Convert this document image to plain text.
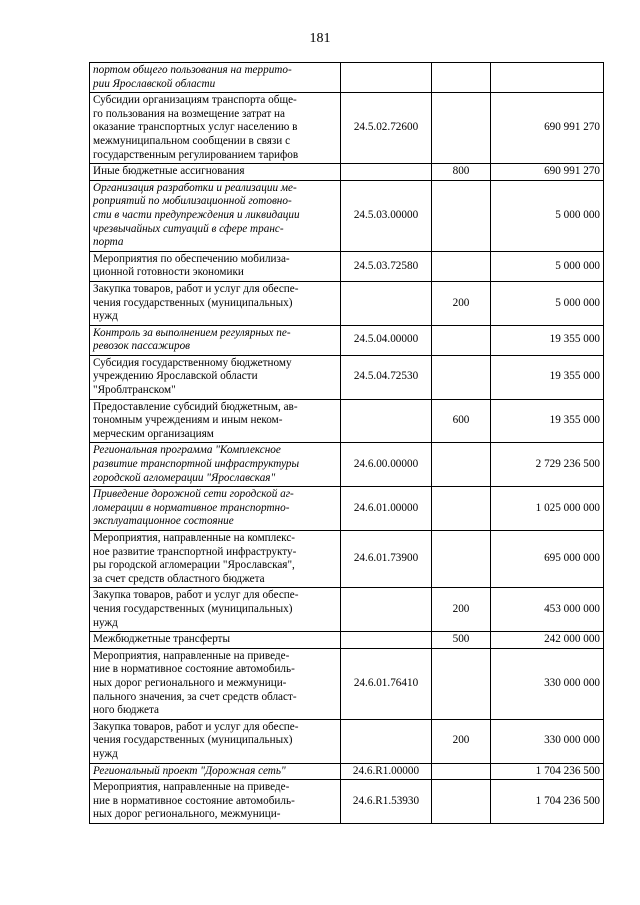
181
портом общего пользования на террито-
рии Ярославской области			
Субсидии организациям транспорта обще-
го пользования на возмещение затрат на
оказание транспортных услуг населению в
межмуниципальном сообщении в связи с
государственным регулированием тарифов	24.5.02.72600		690 991 270
Иные бюджетные ассигнования		800	690 991 270
Организация разработки и реализации ме-
роприятий по мобилизационной готовно-
сти в части предупреждения и ликвидации
чрезвычайных ситуаций в сфере транс-
порта	24.5.03.00000		5 000 000
Мероприятия по обеспечению мобилиза-
ционной готовности экономики	24.5.03.72580		5 000 000
Закупка товаров, работ и услуг для обеспе-
чения государственных (муниципальных)
нужд		200	5 000 000
Контроль за выполнением регулярных пе-
ревозок пассажиров	24.5.04.00000		19 355 000
Субсидия государственному бюджетному
учреждению Ярославской области
"Яроблтранском"	24.5.04.72530		19 355 000
Предоставление субсидий бюджетным, ав-
тономным учреждениям и иным неком-
мерческим организациям		600	19 355 000
Региональная программа "Комплексное
развитие транспортной инфраструктуры
городской агломерации "Ярославская"	24.6.00.00000		2 729 236 500
Приведение дорожной сети городской аг-
ломерации в нормативное транспортно-
эксплуатационное состояние	24.6.01.00000		1 025 000 000
Мероприятия, направленные на комплекс-
ное развитие транспортной инфраструкту-
ры городской агломерации "Ярославская",
за счет средств областного бюджета	24.6.01.73900		695 000 000
Закупка товаров, работ и услуг для обеспе-
чения государственных (муниципальных)
нужд		200	453 000 000
Межбюджетные трансферты		500	242 000 000
Мероприятия, направленные на приведе-
ние в нормативное состояние автомобиль-
ных дорог регионального и межмуници-
пального значения, за счет средств област-
ного бюджета	24.6.01.76410		330 000 000
Закупка товаров, работ и услуг для обеспе-
чения государственных (муниципальных)
нужд		200	330 000 000
Региональный проект "Дорожная сеть"	24.6.R1.00000		1 704 236 500
Мероприятия, направленные на приведе-
ние в нормативное состояние автомобиль-
ных дорог регионального, межмуници-	24.6.R1.53930		1 704 236 500
